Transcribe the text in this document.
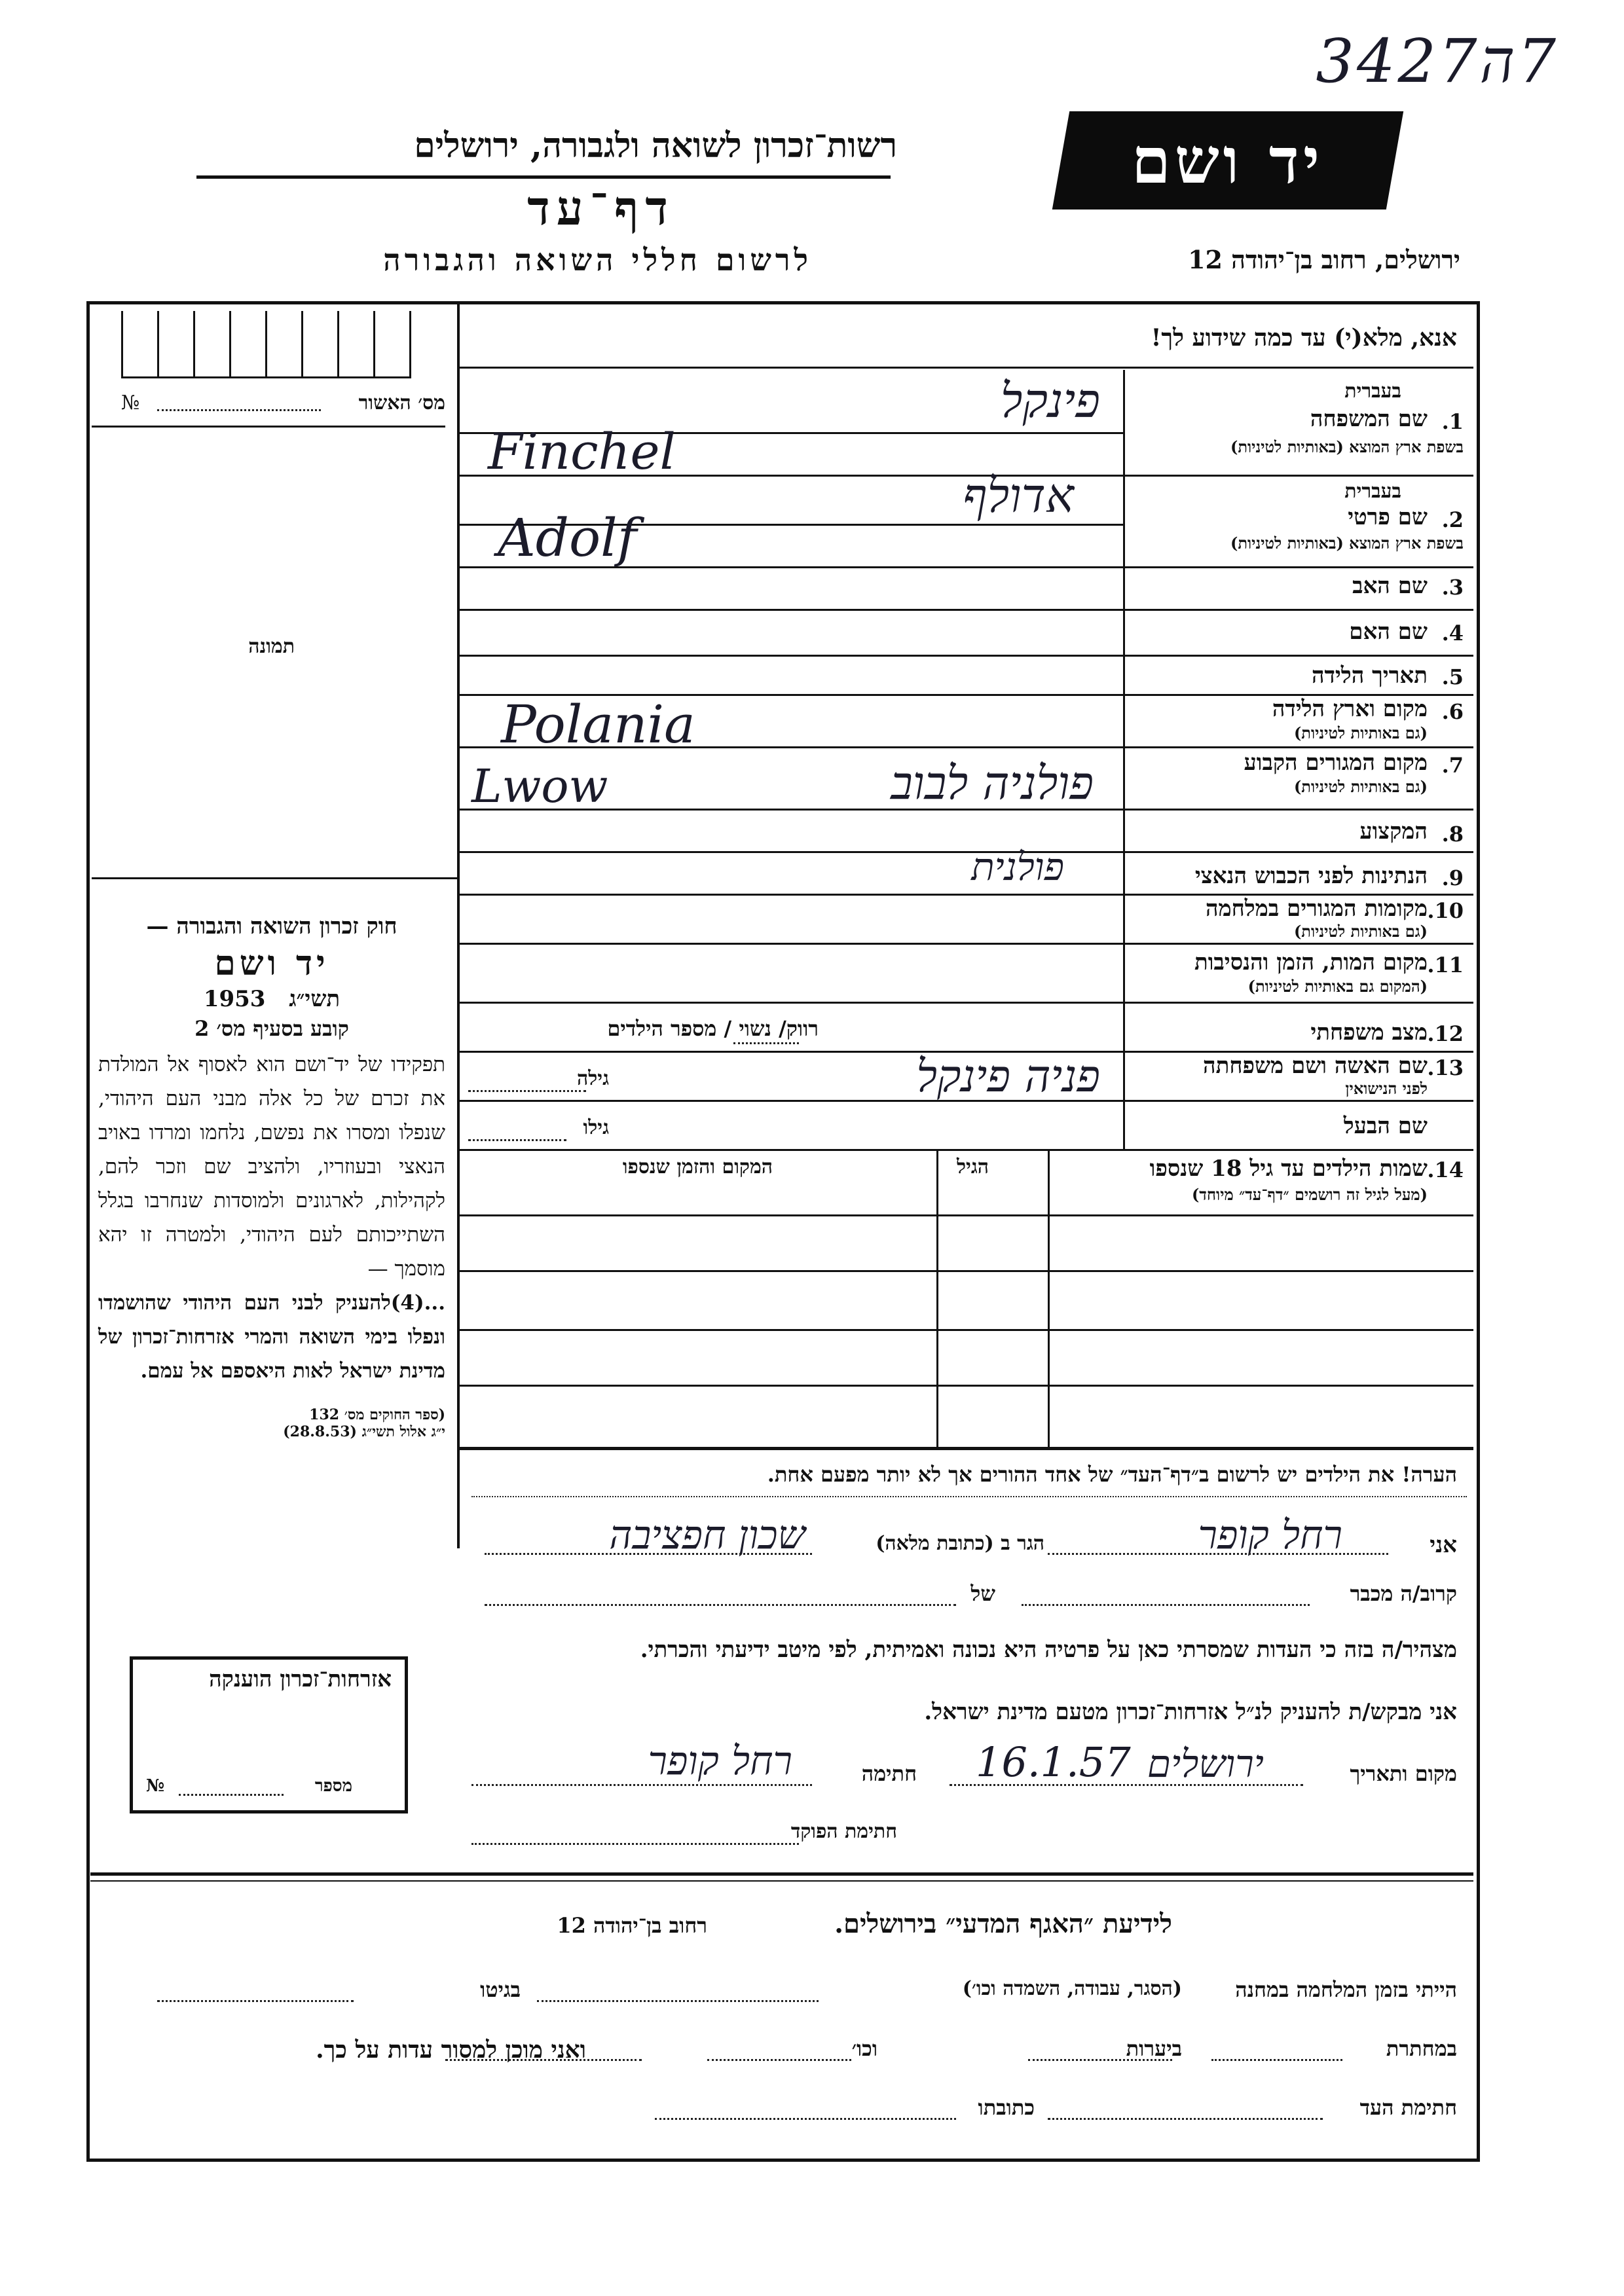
7ה3427
רשות־זכרון לשואה ולגבורה, ירושלים
דף־עד
לרשום חללי השואה והגבורה
יד ושם
ירושלים, רחוב בן־יהודה 12
מס׳ האשור
№
תמונה
חוק זכרון השואה והגבורה —
יד ושם
תשי״ג 1953
קובע בסעיף מס׳ 2
תפקידו של יד־ושם הוא לאסוף אל המולדת את זכרם של כל אלה מבני העם היהודי, שנפלו ומסרו את נפשם, נלחמו ומרדו באויב הנאצי ובעוזריו, ולהציב שם וזכר להם, לקהילות, לארגונים ולמוסדות שנחרבו בגלל השתייכותם לעם היהודי, ולמטרה זו יהא מוסמך —
...(4)להעניק לבני העם היהודי שהושמדו ונפלו בימי השואה והמרי אזרחות־זכרון של מדינת ישראל לאות היאספם אל עמם.
(ספר החוקים מס׳ 132
י״ג אלול תשי״ג (28.8.53)
אזרחות־זכרון הוענקה
מספר
№
אנא, מלא(י) עד כמה שידוע לך!
1.
שם המשפחה
בעברית
בשפת ארץ המוצא (באותיות לטיניות)
פינקל
Finchel
2.
שם פרטי
בעברית
בשפת ארץ המוצא (באותיות לטיניות)
אדולף
Adolf
3.
שם האב
4.
שם האם
5.
תאריך הלידה
6.
מקום וארץ הלידה
(גם באותיות לטיניות)
Polania
7.
מקום המגורים הקבוע
(גם באותיות לטיניות)
פולניה לבוב
Lwow
8.
המקצוע
9.
הנתינות לפני הכבוש הנאצי
פולנית
10.
מקומות המגורים במלחמה
(גם באותיות לטיניות)
11.
מקום המות, הזמן והנסיבות
(המקום גם באותיות לטיניות)
12.
מצב משפחתי
רווק/ נשוי / מספר הילדים
13.
שם האשה ושם משפחתה
לפני הנישואין
פניה פינקל
גילה
שם הבעל
גילו
14.
שמות הילדים עד גיל 18 שנספו
(מעל לגיל זה רושמים ״דף־עד״ מיוחד)
הגיל
המקום והזמן שנספו
הערה! את הילדים יש לרשום ב״דף־העד״ של אחד ההורים אך לא יותר מפעם אחת.
אני
רחל קופר
הגר ב (כתובת מלאה)
שכון חפציבה
קרוב/ה מכבר
של
מצהיר/ה בזה כי העדות שמסרתי כאן על פרטיה היא נכונה ואמיתית, לפי מיטב ידיעתי והכרתי.
אני מבקש/ת להעניק לנ״ל אזרחות־זכרון מטעם מדינת ישראל.
מקום ותאריך
ירושלים
16.1.57
חתימה
רחל קופר
חתימת הפוקד
לידיעת ״האגף המדעי״ בירושלים.
רחוב בן־יהודה 12
הייתי בזמן המלחמה במחנה
(הסגר, עבודה, השמדה וכו׳)
בגיטו
במחתרת
ביערות
וכו׳
ואני מוכן למסור עדות על כך.
חתימת העד
כתובתו
